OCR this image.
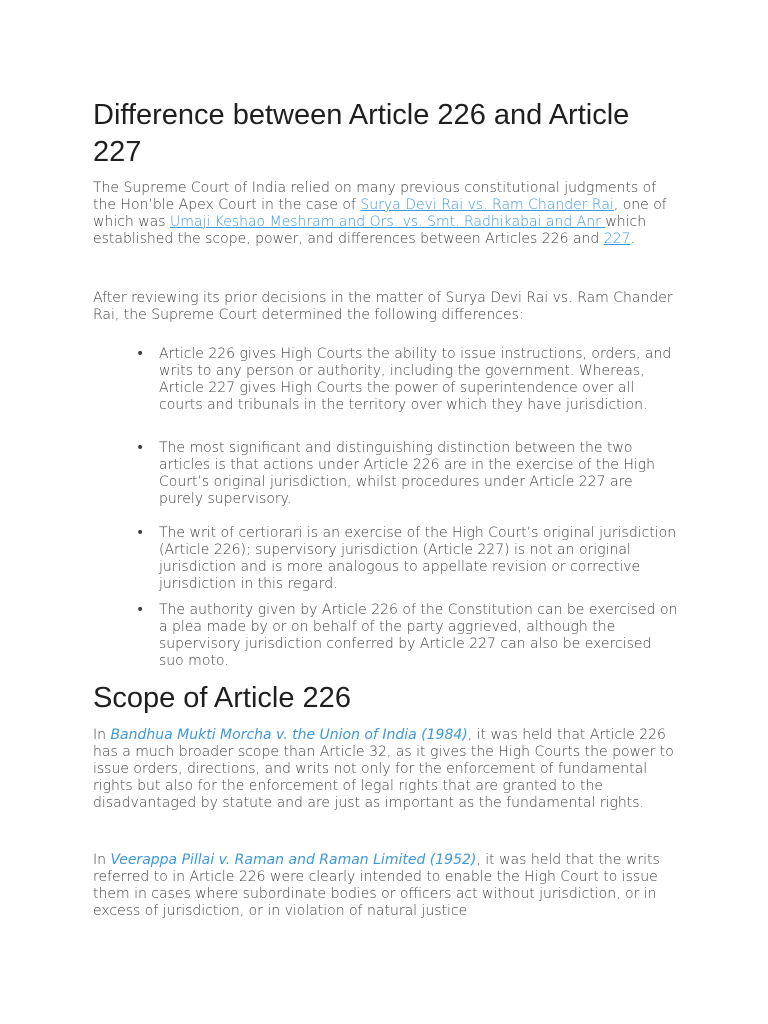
Difference between Article 226 and Article 227

The Supreme Court of India relied on many previous constitutional judgments of the Hon’ble Apex Court in the case of Surya Devi Rai vs. Ram Chander Rai, one of which was Umaji Keshao Meshram and Ors. vs. Smt. Radhikabai and Anr which established the scope, power, and differences between Articles 226 and 227.

After reviewing its prior decisions in the matter of Surya Devi Rai vs. Ram Chander Rai, the Supreme Court determined the following differences:

• Article 226 gives High Courts the ability to issue instructions, orders, and writs to any person or authority, including the government. Whereas, Article 227 gives High Courts the power of superintendence over all courts and tribunals in the territory over which they have jurisdiction.

• The most significant and distinguishing distinction between the two articles is that actions under Article 226 are in the exercise of the High Court’s original jurisdiction, whilst procedures under Article 227 are purely supervisory.

• The writ of certiorari is an exercise of the High Court’s original jurisdiction (Article 226); supervisory jurisdiction (Article 227) is not an original jurisdiction and is more analogous to appellate revision or corrective jurisdiction in this regard.

• The authority given by Article 226 of the Constitution can be exercised on a plea made by or on behalf of the party aggrieved, although the supervisory jurisdiction conferred by Article 227 can also be exercised suo moto.

Scope of Article 226

In Bandhua Mukti Morcha v. the Union of India (1984), it was held that Article 226 has a much broader scope than Article 32, as it gives the High Courts the power to issue orders, directions, and writs not only for the enforcement of fundamental rights but also for the enforcement of legal rights that are granted to the disadvantaged by statute and are just as important as the fundamental rights.

In Veerappa Pillai v. Raman and Raman Limited (1952), it was held that the writs referred to in Article 226 were clearly intended to enable the High Court to issue them in cases where subordinate bodies or officers act without jurisdiction, or in excess of jurisdiction, or in violation of natural justice
